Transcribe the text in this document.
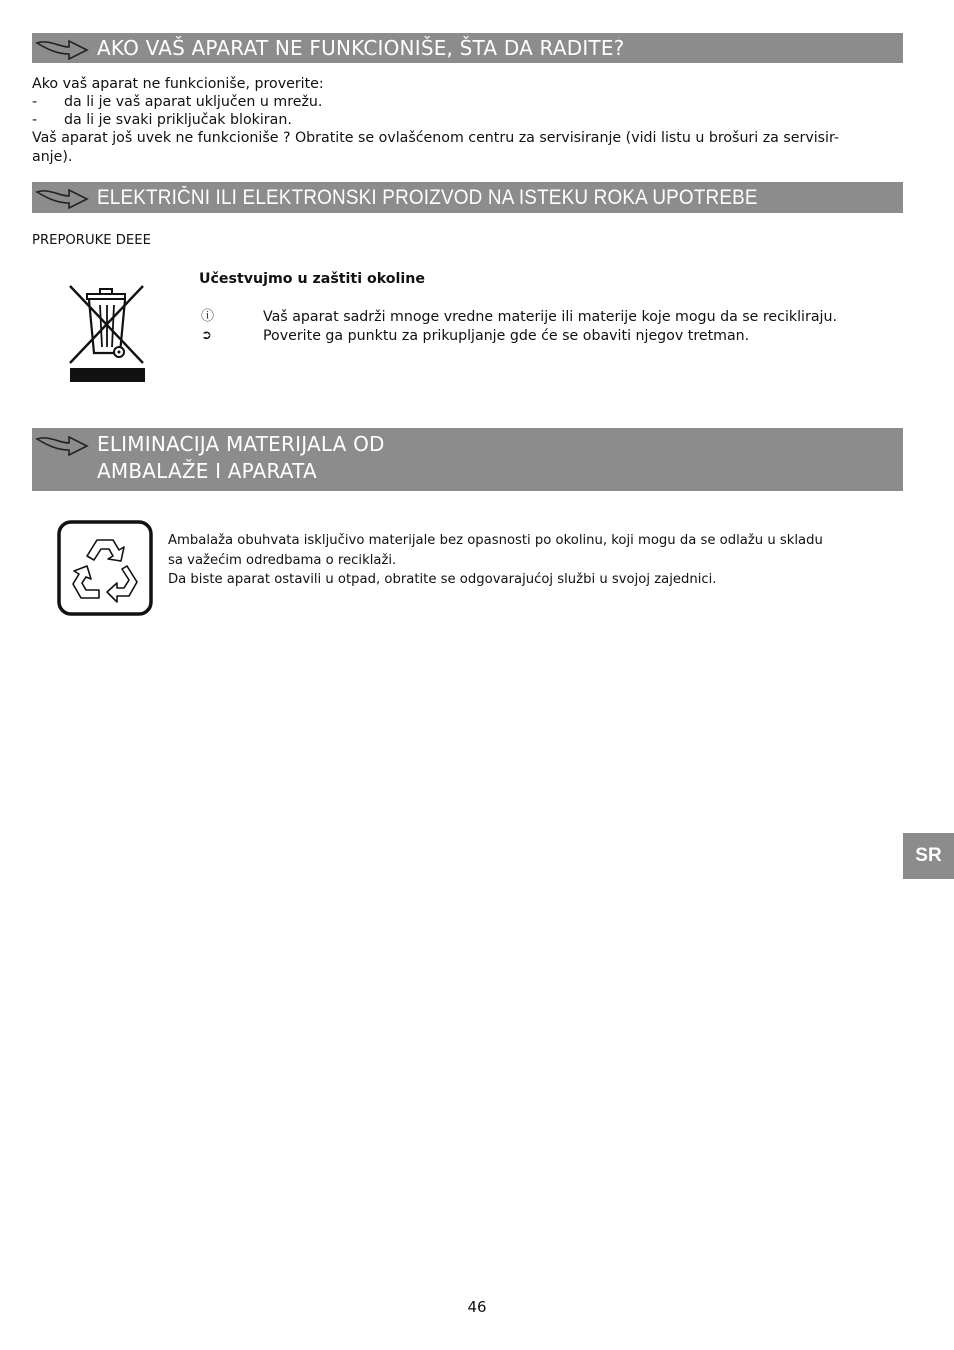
AKO VAŠ APARAT NE FUNKCIONIŠE, ŠTA DA RADITE?
Ako vaš aparat ne funkcioniše, proverite:
- da li je vaš aparat uključen u mrežu.
- da li je svaki priključak blokiran.
Vaš aparat još uvek ne funkcioniše ? Obratite se ovlašćenom centru za servisiranje (vidi listu u brošuri za servisir-
anje).
ELEKTRIČNI ILI ELEKTRONSKI PROIZVOD NA ISTEKU ROKA UPOTREBE
PREPORUKE DEEE
Učestvujmo u zaštiti okoline
ⓘ	Vaš aparat sadrži mnoge vredne materije ili materije koje mogu da se recikliraju.
➲	Poverite ga punktu za prikupljanje gde će se obaviti njegov tretman.
ELIMINACIJA MATERIJALA OD
AMBALAŽE I APARATA
Ambalaža obuhvata isključivo materijale bez opasnosti po okolinu, koji mogu da se odlažu u skladu
sa važećim odredbama o reciklaži.
Da biste aparat ostavili u otpad, obratite se odgovarajućoj službi u svojoj zajednici.
SR
46
